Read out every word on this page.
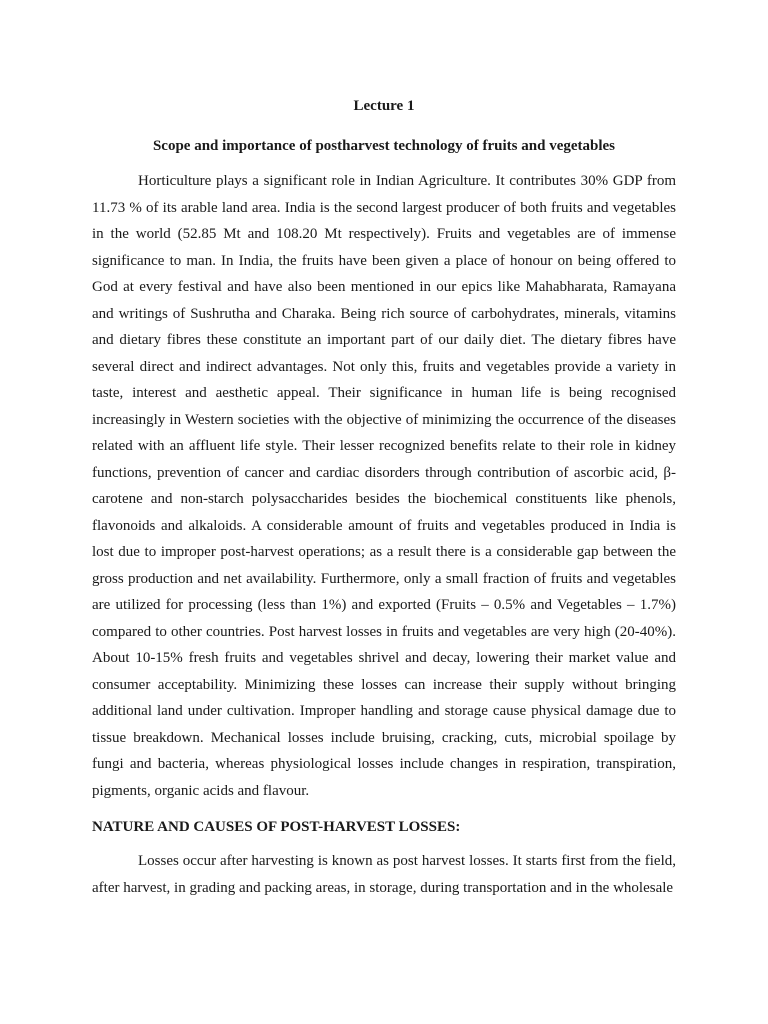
Lecture 1
Scope and importance of postharvest technology of fruits and vegetables

Horticulture plays a significant role in Indian Agriculture. It contributes 30% GDP from 11.73 % of its arable land area. India is the second largest producer of both fruits and vegetables in the world (52.85 Mt and 108.20 Mt respectively). Fruits and vegetables are of immense significance to man. In India, the fruits have been given a place of honour on being offered to God at every festival and have also been mentioned in our epics like Mahabharata, Ramayana and writings of Sushrutha and Charaka. Being rich source of carbohydrates, minerals, vitamins and dietary fibres these constitute an important part of our daily diet. The dietary fibres have several direct and indirect advantages. Not only this, fruits and vegetables provide a variety in taste, interest and aesthetic appeal. Their significance in human life is being recognised increasingly in Western societies with the objective of minimizing the occurrence of the diseases related with an affluent life style. Their lesser recognized benefits relate to their role in kidney functions, prevention of cancer and cardiac disorders through contribution of ascorbic acid, β-carotene and non-starch polysaccharides besides the biochemical constituents like phenols, flavonoids and alkaloids. A considerable amount of fruits and vegetables produced in India is lost due to improper post-harvest operations; as a result there is a considerable gap between the gross production and net availability. Furthermore, only a small fraction of fruits and vegetables are utilized for processing (less than 1%) and exported (Fruits – 0.5% and Vegetables – 1.7%) compared to other countries. Post harvest losses in fruits and vegetables are very high (20-40%). About 10-15% fresh fruits and vegetables shrivel and decay, lowering their market value and consumer acceptability. Minimizing these losses can increase their supply without bringing additional land under cultivation. Improper handling and storage cause physical damage due to tissue breakdown. Mechanical losses include bruising, cracking, cuts, microbial spoilage by fungi and bacteria, whereas physiological losses include changes in respiration, transpiration, pigments, organic acids and flavour.

NATURE AND CAUSES OF POST-HARVEST LOSSES:

Losses occur after harvesting is known as post harvest losses. It starts first from the field, after harvest, in grading and packing areas, in storage, during transportation and in the wholesale
